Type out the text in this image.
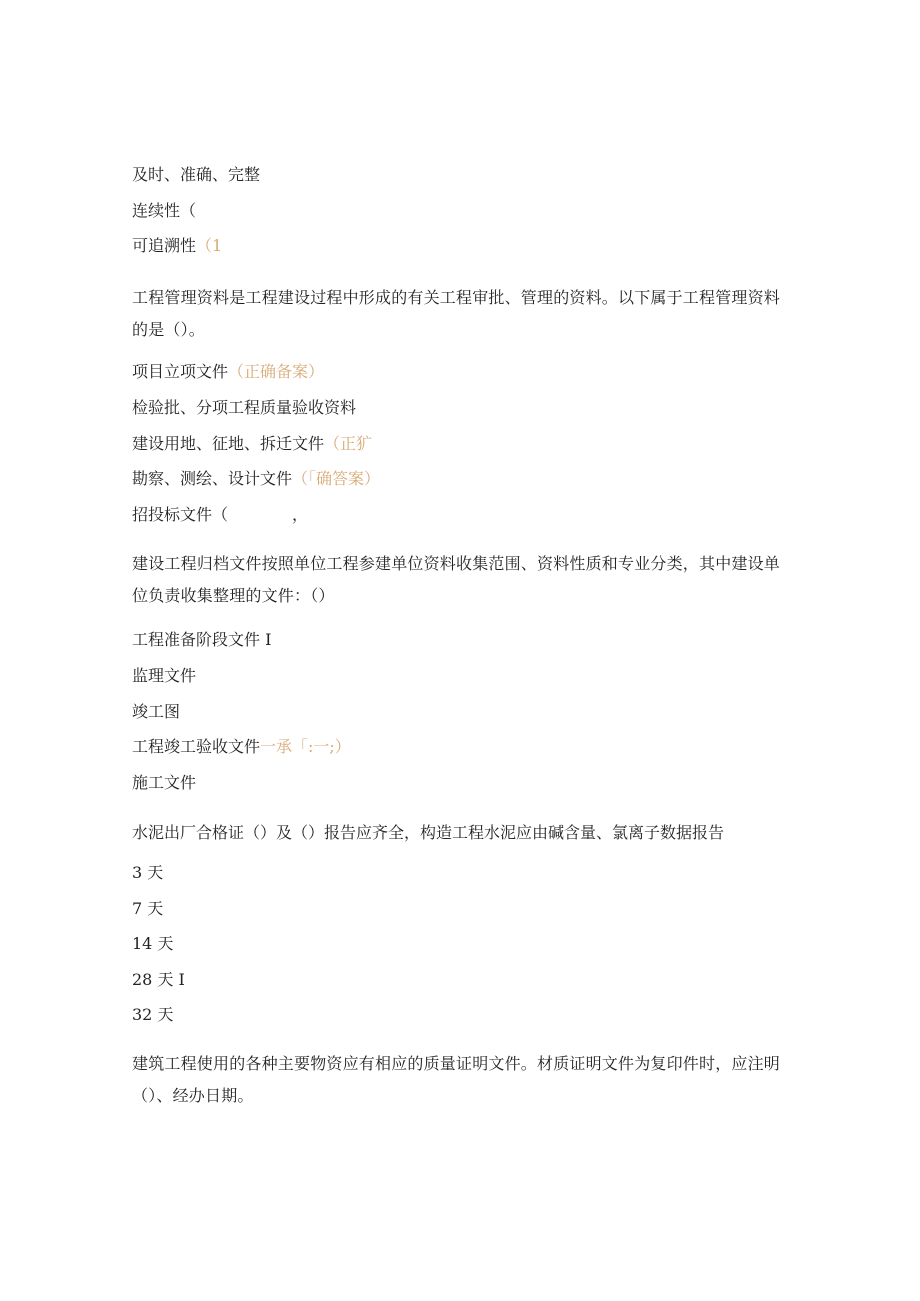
及时、准确、完整
连续性（
可追溯性（1
工程管理资料是工程建设过程中形成的有关工程审批、管理的资料。以下属于工程管理资料的是（）。
项目立项文件（正确备案）
检验批、分项工程质量验收资料
建设用地、征地、拆迁文件（正犷
勘察、测绘、设计文件（「确答案）
招投标文件（	，
建设工程归档文件按照单位工程参建单位资料收集范围、资料性质和专业分类，其中建设单位负责收集整理的文件：（）
工程准备阶段文件 I
监理文件
竣工图
工程竣工验收文件一承「:一;）
施工文件
水泥出厂合格证（）及（）报告应齐全，构造工程水泥应由碱含量、氯离子数据报告
3 天
7 天
14 天
28 天 I
32 天
建筑工程使用的各种主要物资应有相应的质量证明文件。材质证明文件为复印件时，应注明（）、经办日期。
